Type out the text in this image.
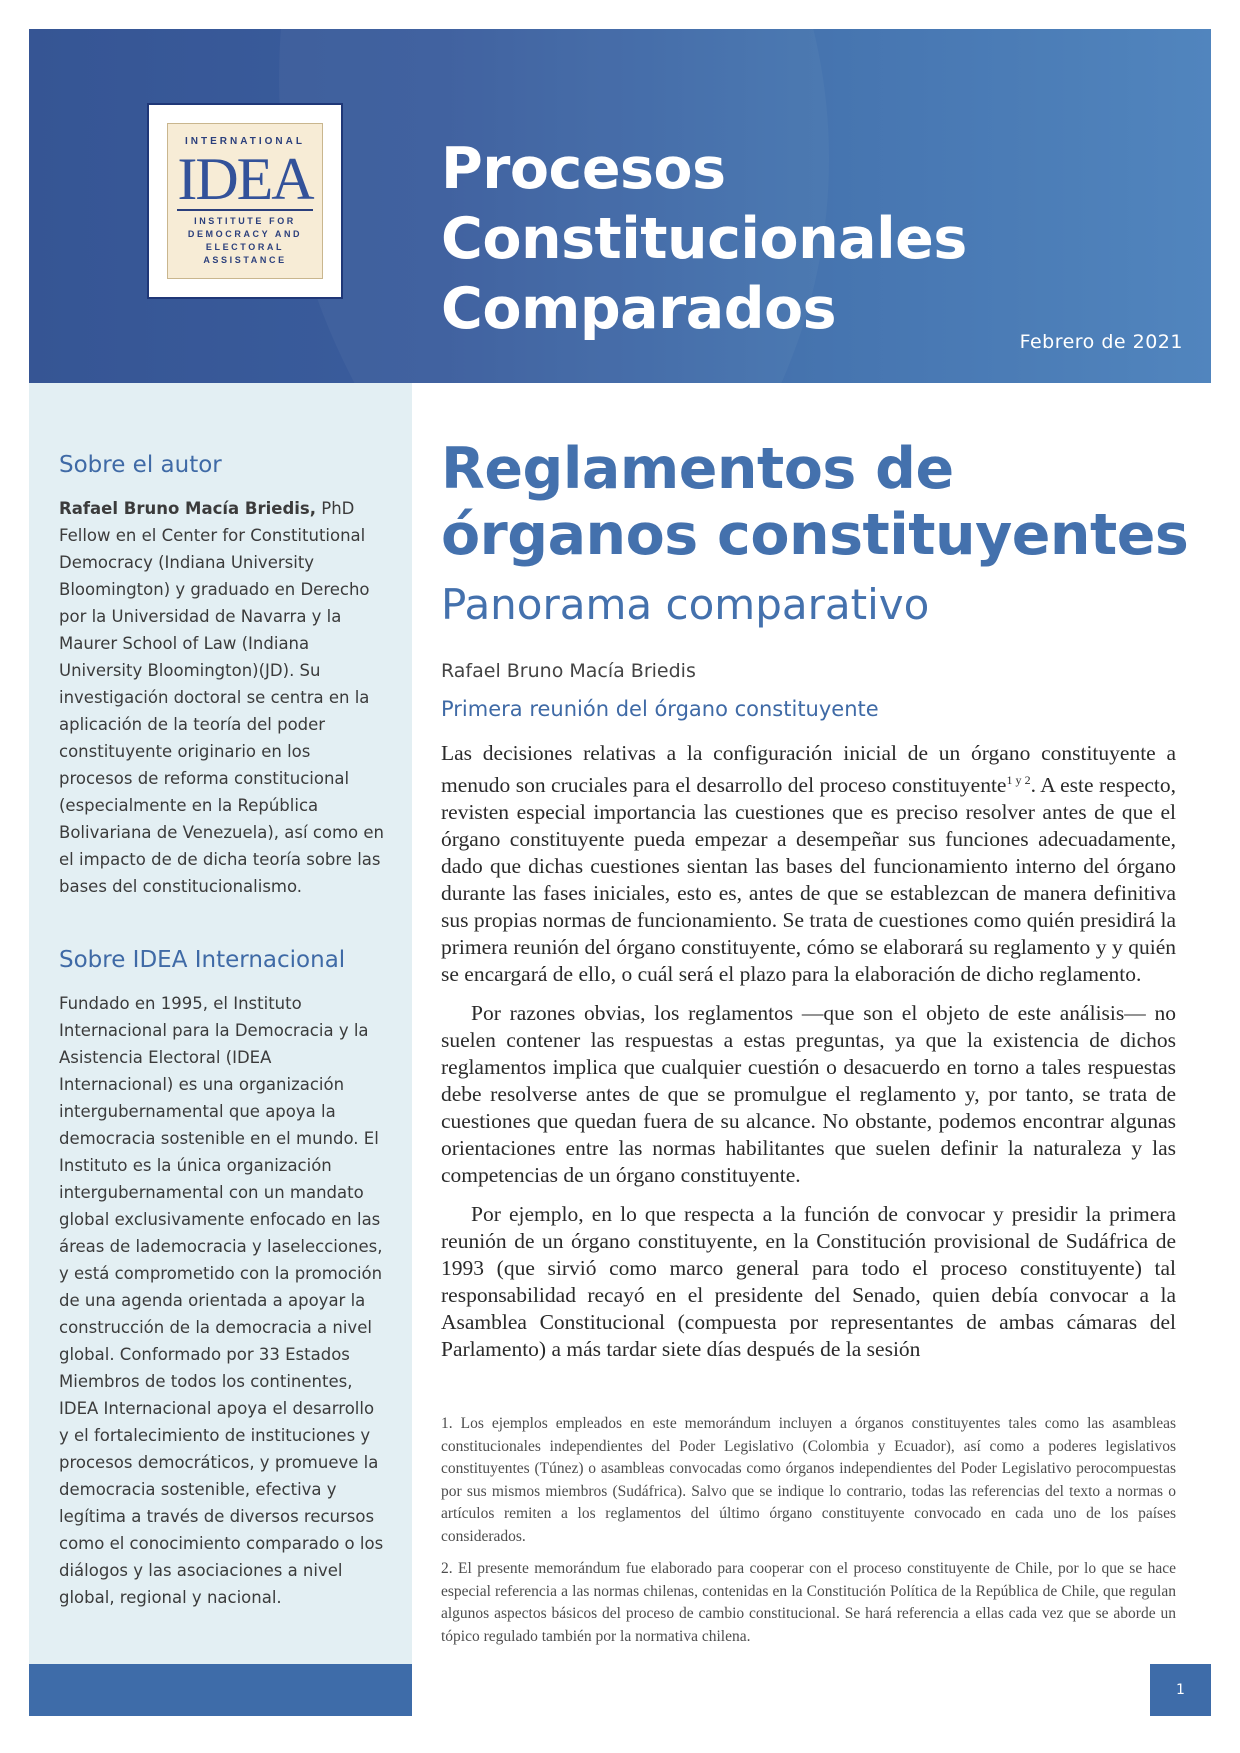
INTERNATIONAL
IDEA
INSTITUTE FOR
DEMOCRACY AND
ELECTORAL
ASSISTANCE
Procesos Constitucionales Comparados	Febrero de 2021
Sobre el autor
Rafael Bruno Macía Briedis, PhD Fellow en el Center for Constitutional Democracy (Indiana University Bloomington) y graduado en Derecho por la Universidad de Navarra y la Maurer School of Law (Indiana University Bloomington)(JD). Su investigación doctoral se centra en la aplicación de la teoría del poder constituyente originario en los procesos de reforma constitucional (especialmente en la República Bolivariana de Venezuela), así como en el impacto de de dicha teoría sobre las bases del constitucionalismo.
Sobre IDEA Internacional
Fundado en 1995, el Instituto Internacional para la Democracia y la Asistencia Electoral (IDEA Internacional) es una organización intergubernamental que apoya la democracia sostenible en el mundo. El Instituto es la única organización intergubernamental con un mandato global exclusivamente enfocado en las áreas de lademocracia y laselecciones, y está comprometido con la promoción de una agenda orientada a apoyar la construcción de la democracia a nivel global. Conformado por 33 Estados Miembros de todos los continentes, IDEA Internacional apoya el desarrollo y el fortalecimiento de instituciones y procesos democráticos, y promueve la democracia sostenible, efectiva y legítima a través de diversos recursos como el conocimiento comparado o los diálogos y las asociaciones a nivel global, regional y nacional.
Reglamentos de órganos constituyentes
Panorama comparativo
Rafael Bruno Macía Briedis
Primera reunión del órgano constituyente

Las decisiones relativas a la configuración inicial de un órgano constituyente a menudo son cruciales para el desarrollo del proceso constituyente$^{1 y 2}$. A este respecto, revisten especial importancia las cuestiones que es preciso resolver antes de que el órgano constituyente pueda empezar a desempeñar sus funciones adecuadamente, dado que dichas cuestiones sientan las bases del funcionamiento interno del órgano durante las fases iniciales, esto es, antes de que se establezcan de manera definitiva sus propias normas de funcionamiento. Se trata de cuestiones como quién presidirá la primera reunión del órgano constituyente, cómo se elaborará su reglamento y y quién se encargará de ello, o cuál será el plazo para la elaboración de dicho reglamento.

Por razones obvias, los reglamentos —que son el objeto de este análisis— no suelen contener las respuestas a estas preguntas, ya que la existencia de dichos reglamentos implica que cualquier cuestión o desacuerdo en torno a tales respuestas debe resolverse antes de que se promulgue el reglamento y, por tanto, se trata de cuestiones que quedan fuera de su alcance. No obstante, podemos encontrar algunas orientaciones entre las normas habilitantes que suelen definir la naturaleza y las competencias de un órgano constituyente.

Por ejemplo, en lo que respecta a la función de convocar y presidir la primera reunión de un órgano constituyente, en la Constitución provisional de Sudáfrica de 1993 (que sirvió como marco general para todo el proceso constituyente) tal responsabilidad recayó en el presidente del Senado, quien debía convocar a la Asamblea Constitucional (compuesta por representantes de ambas cámaras del Parlamento) a más tardar siete días después de la sesión

1. Los ejemplos empleados en este memorándum incluyen a órganos constituyentes tales como las asambleas constitucionales independientes del Poder Legislativo (Colombia y Ecuador), así como a poderes legislativos constituyentes (Túnez) o asambleas convocadas como órganos independientes del Poder Legislativo perocompuestas por sus mismos miembros (Sudáfrica). Salvo que se indique lo contrario, todas las referencias del texto a normas o artículos remiten a los reglamentos del último órgano constituyente convocado en cada uno de los países considerados.

2. El presente memorándum fue elaborado para cooperar con el proceso constituyente de Chile, por lo que se hace especial referencia a las normas chilenas, contenidas en la Constitución Política de la República de Chile, que regulan algunos aspectos básicos del proceso de cambio constitucional. Se hará referencia a ellas cada vez que se aborde un tópico regulado también por la normativa chilena.

1
